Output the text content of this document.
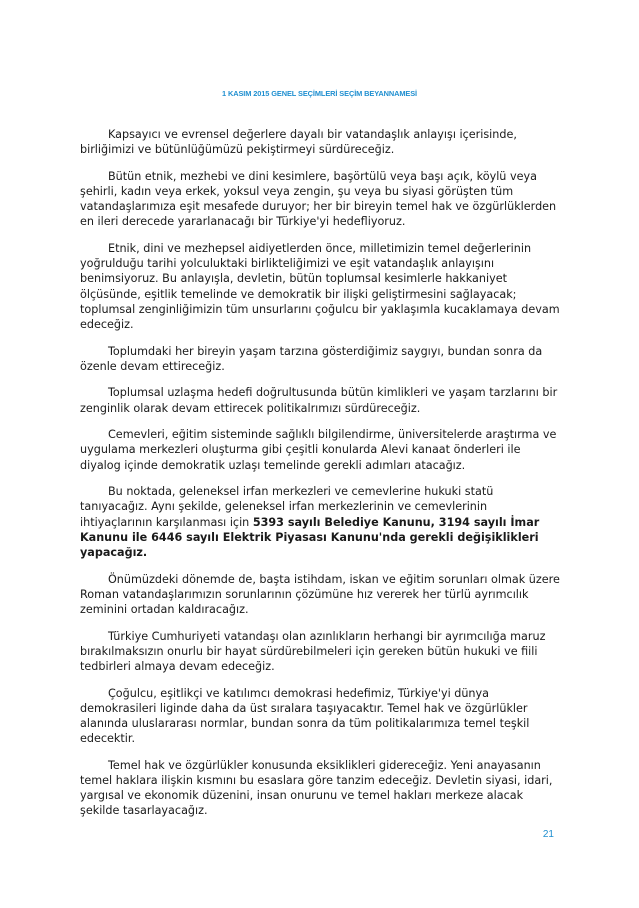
1 KASIM 2015 GENEL SEÇİMLERİ SEÇİM BEYANNAMESİ

Kapsayıcı ve evrensel değerlere dayalı bir vatandaşlık anlayışı içerisinde, birliğimizi ve bütünlüğümüzü pekiştirmeyi sürdüreceğiz.

Bütün etnik, mezhebi ve dini kesimlere, başörtülü veya başı açık, köylü veya şehirli, kadın veya erkek, yoksul veya zengin, şu veya bu siyasi görüşten tüm vatandaşlarımıza eşit mesafede duruyor; her bir bireyin temel hak ve özgürlüklerden en ileri derecede yararlanacağı bir Türkiye'yi hedefliyoruz.

Etnik, dini ve mezhepsel aidiyetlerden önce, milletimizin temel değerlerinin yoğrulduğu tarihi yolculuktaki birlikteliğimizi ve eşit vatandaşlık anlayışını benimsiyoruz. Bu anlayışla, devletin, bütün toplumsal kesimlerle hakkaniyet ölçüsünde, eşitlik temelinde ve demokratik bir ilişki geliştirmesini sağlayacak; toplumsal zenginliğimizin tüm unsurlarını çoğulcu bir yaklaşımla kucaklamaya devam edeceğiz.

Toplumdaki her bireyin yaşam tarzına gösterdiğimiz saygıyı, bundan sonra da özenle devam ettireceğiz.

Toplumsal uzlaşma hedefi doğrultusunda bütün kimlikleri ve yaşam tarzlarını bir zenginlik olarak devam ettirecek politikalrımızı sürdüreceğiz.

Cemevleri, eğitim sisteminde sağlıklı bilgilendirme, üniversitelerde araştırma ve uygulama merkezleri oluşturma gibi çeşitli konularda Alevi kanaat önderleri ile diyalog içinde demokratik uzlaşı temelinde gerekli adımları atacağız.

Bu noktada, geleneksel irfan merkezleri ve cemevlerine hukuki statü tanıyacağız. Aynı şekilde, geleneksel irfan merkezlerinin ve cemevlerinin ihtiyaçlarının karşılanması için 5393 sayılı Belediye Kanunu, 3194 sayılı İmar Kanunu ile 6446 sayılı Elektrik Piyasası Kanunu'nda gerekli değişiklikleri yapacağız.

Önümüzdeki dönemde de, başta istihdam, iskan ve eğitim sorunları olmak üzere Roman vatandaşlarımızın sorunlarının çözümüne hız vererek her türlü ayrımcılık zeminini ortadan kaldıracağız.

Türkiye Cumhuriyeti vatandaşı olan azınlıkların herhangi bir ayrımcılığa maruz bırakılmaksızın onurlu bir hayat sürdürebilmeleri için gereken bütün hukuki ve fiili tedbirleri almaya devam edeceğiz.

Çoğulcu, eşitlikçi ve katılımcı demokrasi hedefimiz, Türkiye'yi dünya demokrasileri liginde daha da üst sıralara taşıyacaktır. Temel hak ve özgürlükler alanında uluslararası normlar, bundan sonra da tüm politikalarımıza temel teşkil edecektir.

Temel hak ve özgürlükler konusunda eksiklikleri gidereceğiz. Yeni anayasanın temel haklara ilişkin kısmını bu esaslara göre tanzim edeceğiz. Devletin siyasi, idari, yargısal ve ekonomik düzenini, insan onurunu ve temel hakları merkeze alacak şekilde tasarlayacağız.

21
